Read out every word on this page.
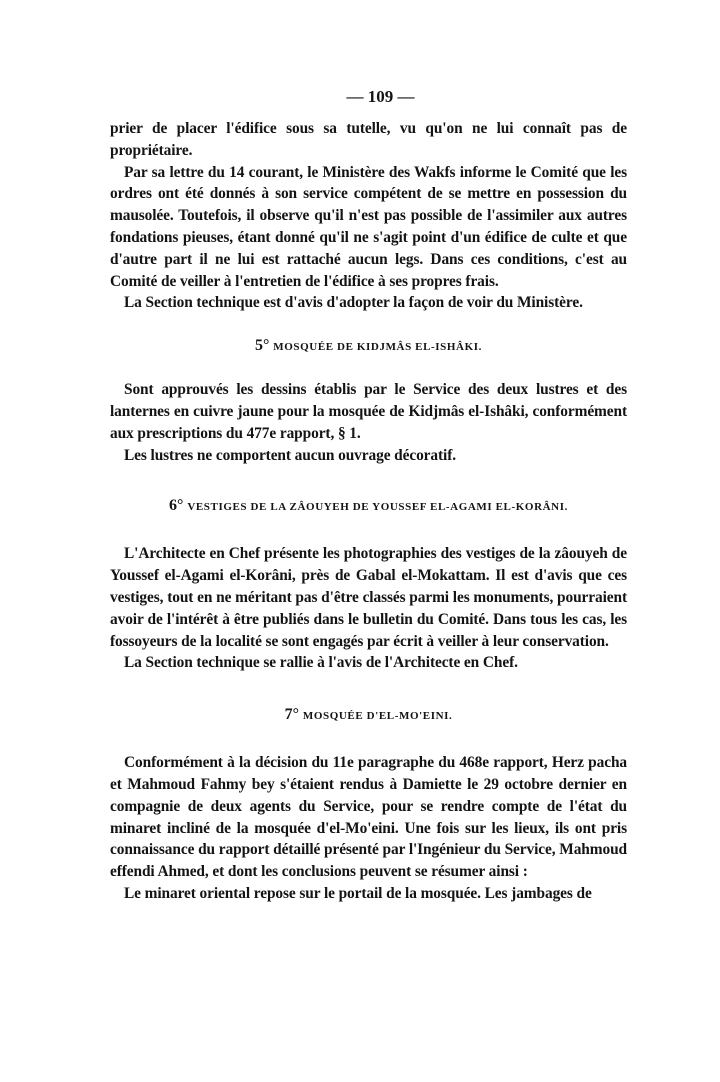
— 109 —

prier de placer l'édifice sous sa tutelle, vu qu'on ne lui connaît pas de propriétaire.

Par sa lettre du 14 courant, le Ministère des Wakfs informe le Comité que les ordres ont été donnés à son service compétent de se mettre en possession du mausolée. Toutefois, il observe qu'il n'est pas possible de l'assimiler aux autres fondations pieuses, étant donné qu'il ne s'agit point d'un édifice de culte et que d'autre part il ne lui est rattaché aucun legs. Dans ces conditions, c'est au Comité de veiller à l'entretien de l'édifice à ses propres frais.

La Section technique est d'avis d'adopter la façon de voir du Ministère.

5° MOSQUÉE DE KIDJMÂS EL-ISHÂKI.

Sont approuvés les dessins établis par le Service des deux lustres et des lanternes en cuivre jaune pour la mosquée de Kidjmâs el-Ishâki, conformément aux prescriptions du 477e rapport, § 1.

Les lustres ne comportent aucun ouvrage décoratif.

6° VESTIGES DE LA ZÂOUYEH DE YOUSSEF EL-AGAMI EL-KORÂNI.

L'Architecte en Chef présente les photographies des vestiges de la zâouyeh de Youssef el-Agami el-Korâni, près de Gabal el-Mokattam. Il est d'avis que ces vestiges, tout en ne méritant pas d'être classés parmi les monuments, pourraient avoir de l'intérêt à être publiés dans le bulletin du Comité. Dans tous les cas, les fossoyeurs de la localité se sont engagés par écrit à veiller à leur conservation.

La Section technique se rallie à l'avis de l'Architecte en Chef.

7° MOSQUÉE D'EL-MO'EINI.

Conformément à la décision du 11e paragraphe du 468e rapport, Herz pacha et Mahmoud Fahmy bey s'étaient rendus à Damiette le 29 octobre dernier en compagnie de deux agents du Service, pour se rendre compte de l'état du minaret incliné de la mosquée d'el-Mo'eini. Une fois sur les lieux, ils ont pris connaissance du rapport détaillé présenté par l'Ingénieur du Service, Mahmoud effendi Ahmed, et dont les conclusions peuvent se résumer ainsi :

Le minaret oriental repose sur le portail de la mosquée. Les jambages de
